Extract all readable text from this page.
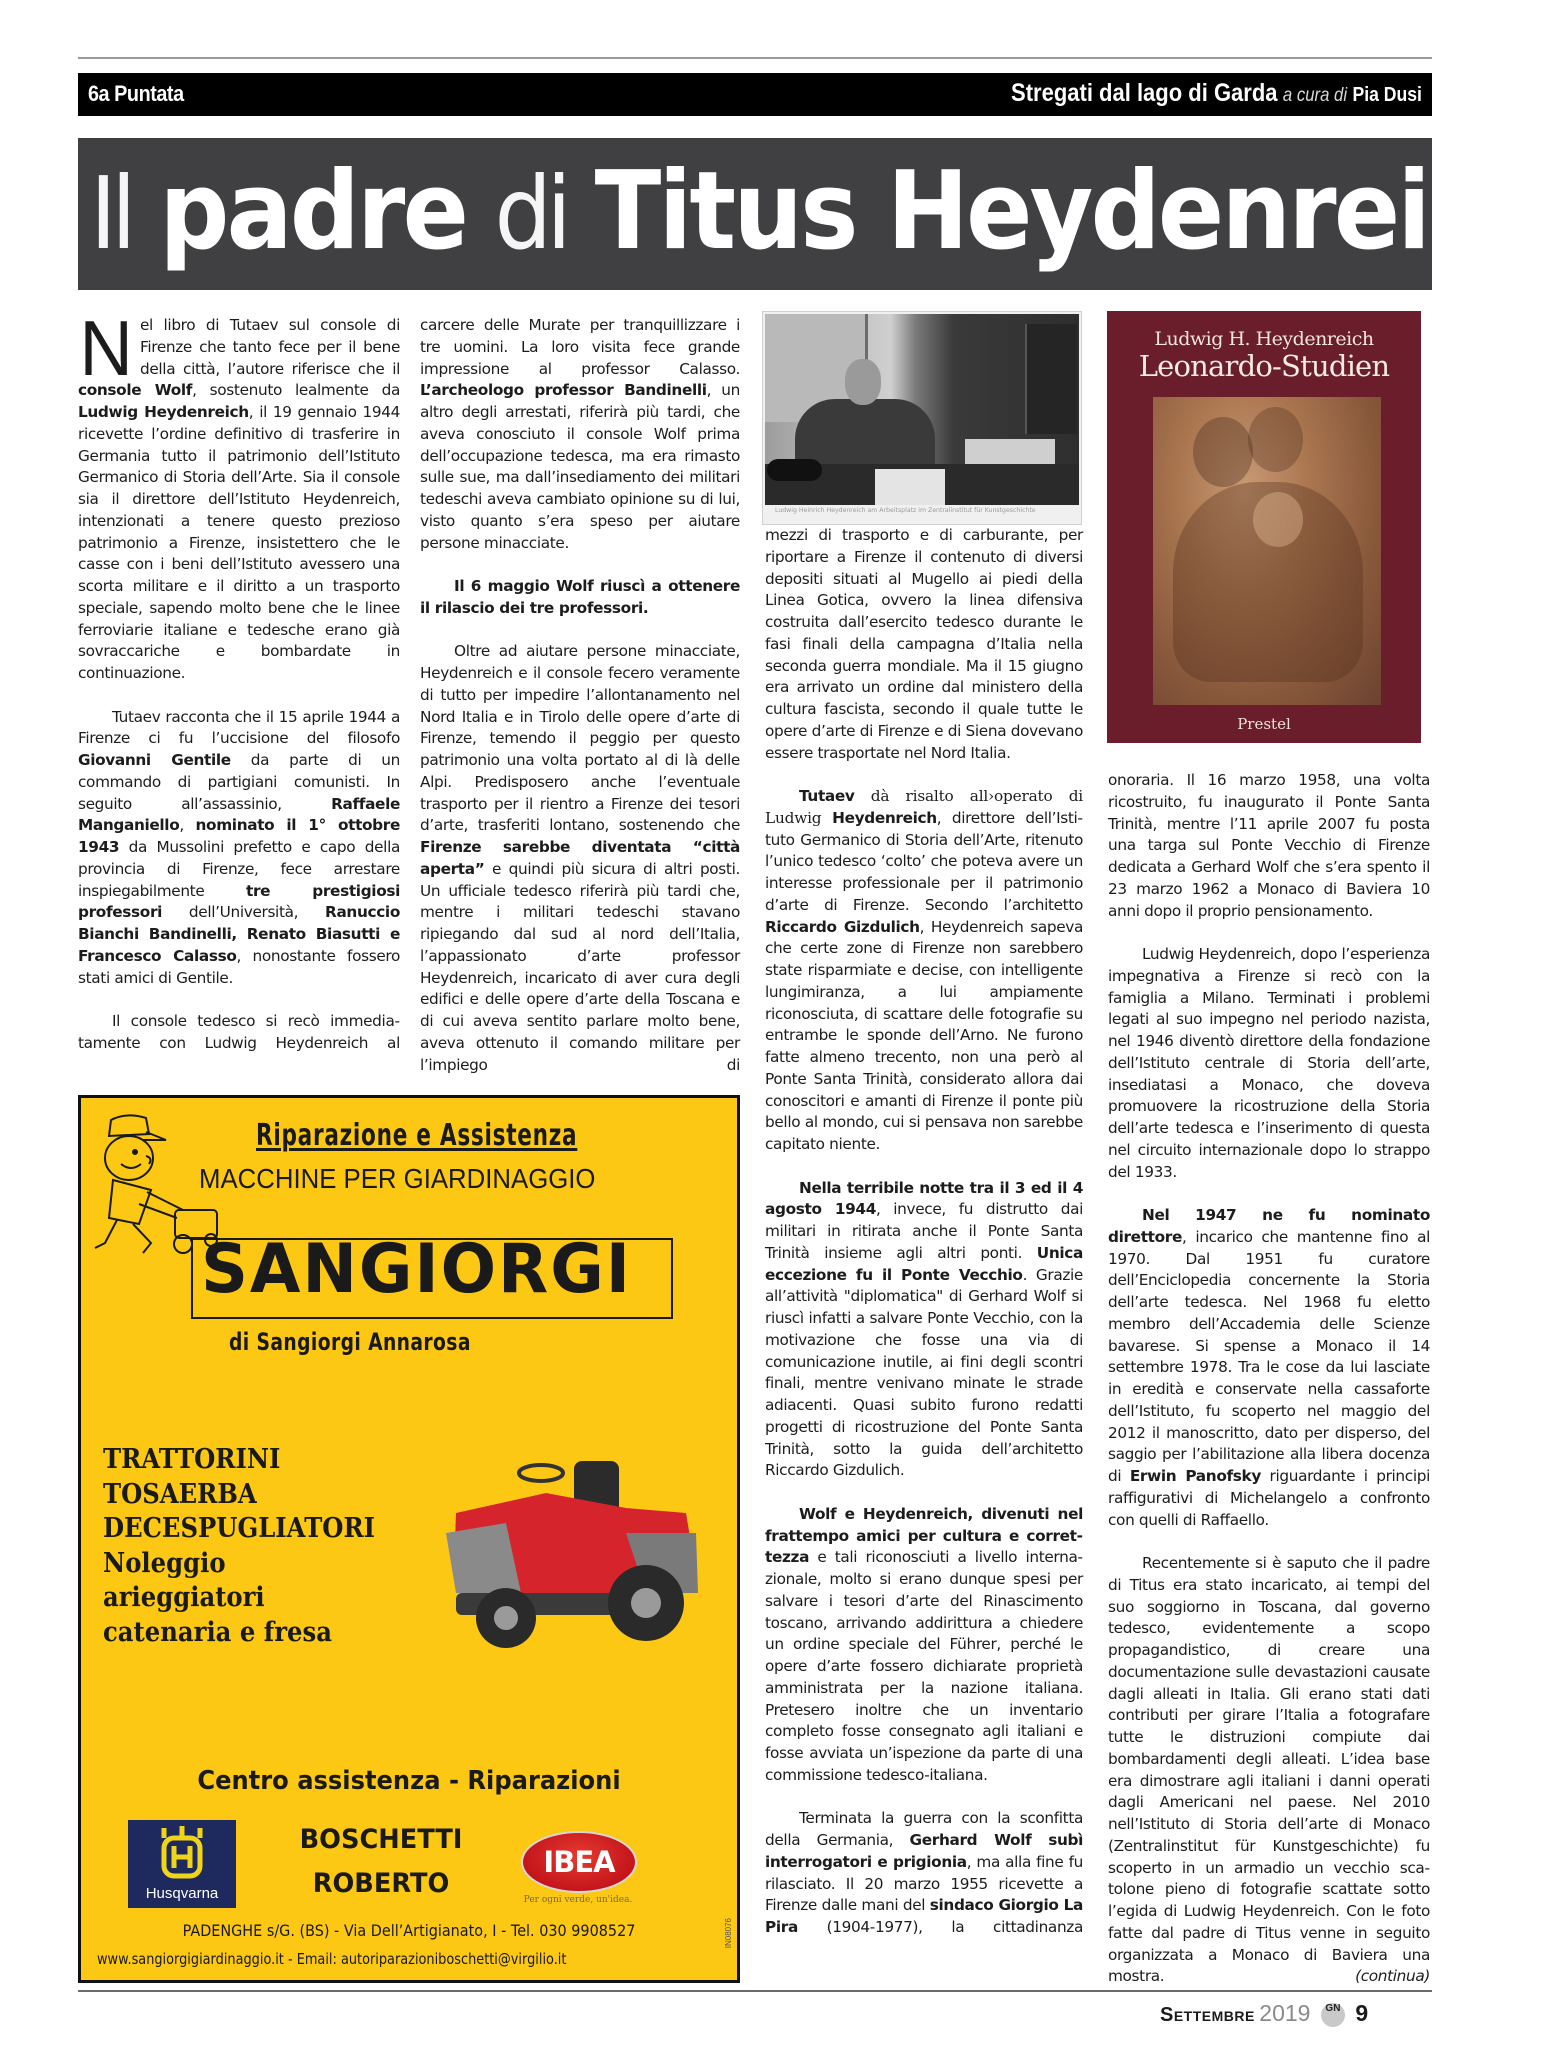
6a Puntata	Stregati dal lago di Garda a cura di Pia Dusi
Il padre di Titus Heydenreich

Nel libro di Tutaev sul console di Firenze che tanto fece per il bene della città, l’autore riferisce che il console Wolf, sostenuto lealmente da Ludwig Heydenreich, il 19 gennaio 1944 ricevette l’ordine definitivo di trasferire in Germania tutto il patrimonio dell’Istituto Germanico di Storia dell’Arte. Sia il console sia il direttore dell’Istituto Heydenreich, intenzionati a tenere questo prezioso patrimonio a Firenze, insistettero che le casse con i beni dell’Istituto avessero una scorta militare e il diritto a un trasporto speciale, sapendo molto bene che le linee ferroviarie italiane e tedesche erano già sovraccariche e bombardate in continuazione.

Tutaev racconta che il 15 aprile 1944 a Firenze ci fu l’uccisione del filosofo Giovanni Gentile da parte di un commando di partigiani comunisti. In seguito all’assassinio, Raffaele Manganiello, nominato il 1° ottobre 1943 da Mussolini prefetto e capo della provincia di Firenze, fece arrestare inspiegabilmente tre prestigiosi professori dell’Università, Ranuccio Bianchi Bandinelli, Renato Biasutti e Francesco Calasso, nonostante fossero stati amici di Gentile.

Il console tedesco si recò immediatamente con Ludwig Heydenreich al

carcere delle Murate per tranquillizzare i tre uomini. La loro visita fece grande impressione al professor Calasso. L’archeologo professor Bandinelli, un altro degli arrestati, riferirà più tardi, che aveva conosciuto il console Wolf prima dell’occupazione tedesca, ma era rimasto sulle sue, ma dall’insediamento dei militari tedeschi aveva cambiato opinione su di lui, visto quanto s’era speso per aiutare persone minacciate.

Il 6 maggio Wolf riuscì a ottenere il rilascio dei tre professori.

Oltre ad aiutare persone minacciate, Heydenreich e il console fecero veramente di tutto per impedire l’allontanamento nel Nord Italia e in Tirolo delle opere d’arte di Firenze, temendo il peggio per questo patrimonio una volta portato al di là delle Alpi. Predisposero anche l’eventuale trasporto per il rientro a Firenze dei tesori d’arte, trasferiti lontano, sostenendo che Firenze sarebbe diventata “città aperta” e quindi più sicura di altri posti. Un ufficiale tedesco riferirà più tardi che, mentre i militari tedeschi stavano ripiegando dal sud al nord dell’Italia, l’appassionato d’arte professor Heydenreich, incaricato di aver cura degli edifici e delle opere d’arte della Toscana e di cui aveva sentito parlare molto bene, aveva ottenuto il comando militare per l’impiego di

Ludwig Heinrich Heydenreich am Arbeitsplatz im Zentralinstitut für Kunstgeschichte

mezzi di trasporto e di carburante, per riportare a Firenze il contenuto di diversi depositi situati al Mugello ai piedi della Linea Gotica, ovvero la linea difensiva costruita dall’esercito tedesco durante le fasi finali della campagna d’Italia nella seconda guerra mondiale. Ma il 15 giugno era arrivato un ordine dal ministero della cultura fascista, secondo il quale tutte le opere d’arte di Firenze e di Siena dovevano essere trasportate nel Nord Italia.

Tutaev dà risalto all›operato di Ludwig Heydenreich, direttore dell’Istituto Germanico di Storia dell’Arte, ritenuto l’unico tedesco ‘colto’ che poteva avere un interesse professionale per il patrimonio d’arte di Firenze. Secondo l’architetto Riccardo Gizdulich, Heydenreich sapeva che certe zone di Firenze non sarebbero state risparmiate e decise, con intelligente lungimiranza, a lui ampiamente riconosciuta, di scattare delle fotografie su entrambe le sponde dell’Arno. Ne furono fatte almeno trecento, non una però al Ponte Santa Trinità, considerato allora dai conoscitori e amanti di Firenze il ponte più bello al mondo, cui si pensava non sarebbe capitato niente.

Nella terribile notte tra il 3 ed il 4 agosto 1944, invece, fu distrutto dai militari in ritirata anche il Ponte Santa Trinità insieme agli altri ponti. Unica eccezione fu il Ponte Vecchio. Grazie all’attività "diplomatica" di Gerhard Wolf si riuscì infatti a salvare Ponte Vecchio, con la motivazione che fosse una via di comunicazione inutile, ai fini degli scontri finali, mentre venivano minate le strade adiacenti. Quasi subito furono redatti progetti di ricostruzione del Ponte Santa Trinità, sotto la guida dell’architetto Riccardo Gizdulich.

Wolf e Heydenreich, divenuti nel frattempo amici per cultura e correttezza e tali riconosciuti a livello internazionale, molto si erano dunque spesi per salvare i tesori d’arte del Rinascimento toscano, arrivando addirittura a chiedere un ordine speciale del Führer, perché le opere d’arte fossero dichiarate proprietà amministrata per la nazione italiana. Pretesero inoltre che un inventario completo fosse consegnato agli italiani e fosse avviata un’ispezione da parte di una commissione tedesco-italiana.

Terminata la guerra con la sconfitta della Germania, Gerhard Wolf subì interrogatori e prigionia, ma alla fine fu rilasciato. Il 20 marzo 1955 ricevette a Firenze dalle mani del sindaco Giorgio La Pira (1904-1977), la cittadinanza

Ludwig H. Heydenreich
Leonardo-Studien
Prestel

onoraria. Il 16 marzo 1958, una volta ricostruito, fu inaugurato il Ponte Santa Trinità, mentre l’11 aprile 2007 fu posta una targa sul Ponte Vecchio di Firenze dedicata a Gerhard Wolf che s’era spento il 23 marzo 1962 a Monaco di Baviera 10 anni dopo il proprio pensionamento.

Ludwig Heydenreich, dopo l’esperienza impegnativa a Firenze si recò con la famiglia a Milano. Terminati i problemi legati al suo impegno nel periodo nazista, nel 1946 diventò direttore della fondazione dell’Istituto centrale di Storia dell’arte, insediatasi a Monaco, che doveva promuovere la ricostruzione della Storia dell’arte tedesca e l’inserimento di questa nel circuito internazionale dopo lo strappo del 1933.

Nel 1947 ne fu nominato direttore, incarico che mantenne fino al 1970. Dal 1951 fu curatore dell’Enciclopedia concernente la Storia dell’arte tedesca. Nel 1968 fu eletto membro dell’Accademia delle Scienze bavarese. Si spense a Monaco il 14 settembre 1978. Tra le cose da lui lasciate in eredità e conservate nella cassaforte dell’Istituto, fu scoperto nel maggio del 2012 il manoscritto, dato per disperso, del saggio per l’abilitazione alla libera docenza di Erwin Panofsky riguardante i principi raffigurativi di Michelangelo a confronto con quelli di Raffaello.

Recentemente si è saputo che il padre di Titus era stato incaricato, ai tempi del suo soggiorno in Toscana, dal governo tedesco, evidentemente a scopo propagandistico, di creare una documentazione sulle devastazioni causate dagli alleati in Italia. Gli erano stati dati contributi per girare l’Italia a fotografare tutte le distruzioni compiute dai bombardamenti degli alleati. L’idea base era dimostrare agli italiani i danni operati dagli Americani nel paese. Nel 2010 nell’Istituto di Storia dell’arte di Monaco (Zentralinstitut für Kunstgeschichte) fu scoperto in un armadio un vecchio scatolone pieno di fotografie scattate sotto l’egida di Ludwig Heydenreich. Con le foto fatte dal padre di Titus venne in seguito organizzata a Monaco di Baviera una mostra.	(continua)

Riparazione e Assistenza
MACCHINE PER GIARDINAGGIO
SANGIORGI
di Sangiorgi Annarosa
TRATTORINI
TOSAERBA
DECESPUGLIATORI
Noleggio
arieggiatori
catenaria e fresa
Centro assistenza - Riparazioni
Husqvarna
BOSCHETTI
ROBERTO
IBEA
Per ogni verde, un'idea.
PADENGHE s/G. (BS) - Via Dell’Artigianato, I - Tel. 030 9908527
www.sangiorgigiardinaggio.it - Email: autoriparazioniboschetti@virgilio.it
IN08076
Settembre 2019 GN 9
